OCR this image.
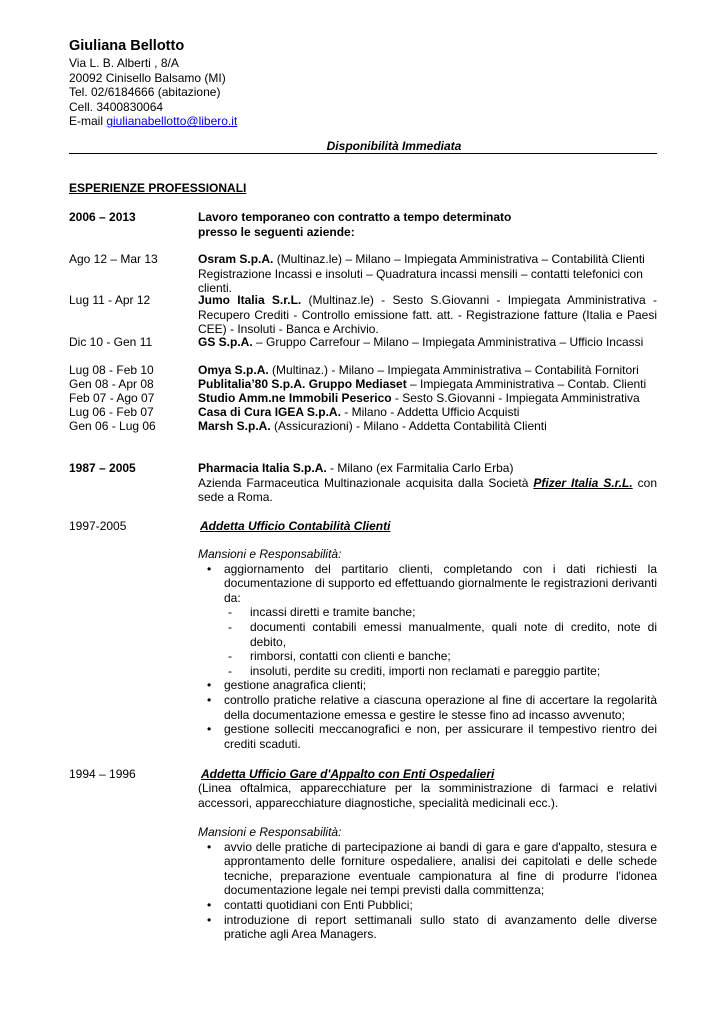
Giuliana Bellotto
Via L. B. Alberti , 8/A
20092 Cinisello Balsamo (MI)
Tel. 02/6184666 (abitazione)
Cell. 3400830064
E-mail giulianabellotto@libero.it
Disponibilità Immediata
ESPERIENZE PROFESSIONALI
2006 – 2013	Lavoro temporaneo con contratto a tempo determinato
presso le seguenti aziende:
Ago 12 – Mar 13	Osram S.p.A. (Multinaz.le) – Milano – Impiegata Amministrativa – Contabilità Clienti Registrazione Incassi e insoluti – Quadratura incassi mensili – contatti telefonici con clienti.
Lug 11 - Apr 12	Jumo Italia S.r.L. (Multinaz.le) - Sesto S.Giovanni - Impiegata Amministrativa - Recupero Crediti - Controllo emissione fatt. att. - Registrazione fatture (Italia e Paesi CEE) - Insoluti - Banca e Archivio.
Dic 10 - Gen 11	GS S.p.A. – Gruppo Carrefour – Milano – Impiegata Amministrativa – Ufficio Incassi
Lug 08 - Feb 10	Omya S.p.A. (Multinaz.) - Milano – Impiegata Amministrativa – Contabilità Fornitori
Gen 08 - Apr 08	Publitalia’80 S.p.A. Gruppo Mediaset – Impiegata Amministrativa – Contab. Clienti
Feb 07 - Ago 07	Studio Amm.ne Immobili Peserico - Sesto S.Giovanni - Impiegata Amministrativa
Lug 06 - Feb 07	Casa di Cura IGEA S.p.A. - Milano - Addetta Ufficio Acquisti
Gen 06 - Lug 06	Marsh S.p.A. (Assicurazioni) - Milano - Addetta Contabilità Clienti
1987 – 2005	Pharmacia Italia S.p.A. - Milano (ex Farmitalia Carlo Erba)
Azienda Farmaceutica Multinazionale acquisita dalla Società Pfizer Italia S.r.L. con sede a Roma.
1997-2005	Addetta Ufficio Contabilità Clienti
Mansioni e Responsabilità:
• aggiornamento del partitario clienti, completando con i dati richiesti la documentazione di supporto ed effettuando giornalmente le registrazioni derivanti da:
- incassi diretti e tramite banche;
- documenti contabili emessi manualmente, quali note di credito, note di debito,
- rimborsi, contatti con clienti e banche;
- insoluti, perdite su crediti, importi non reclamati e pareggio partite;
• gestione anagrafica clienti;
• controllo pratiche relative a ciascuna operazione al fine di accertare la regolarità della documentazione emessa e gestire le stesse fino ad incasso avvenuto;
• gestione solleciti meccanografici e non, per assicurare il tempestivo rientro dei crediti scaduti.
1994 – 1996	Addetta Ufficio Gare d'Appalto con Enti Ospedalieri
(Linea oftalmica, apparecchiature per la somministrazione di farmaci e relativi accessori, apparecchiature diagnostiche, specialità medicinali ecc.).
Mansioni e Responsabilità:
• avvio delle pratiche di partecipazione ai bandi di gara e gare d'appalto, stesura e approntamento delle forniture ospedaliere, analisi dei capitolati e delle schede tecniche, preparazione eventuale campionatura al fine di produrre l'idonea documentazione legale nei tempi previsti dalla committenza;
• contatti quotidiani con Enti Pubblici;
• introduzione di report settimanali sullo stato di avanzamento delle diverse pratiche agli Area Managers.
